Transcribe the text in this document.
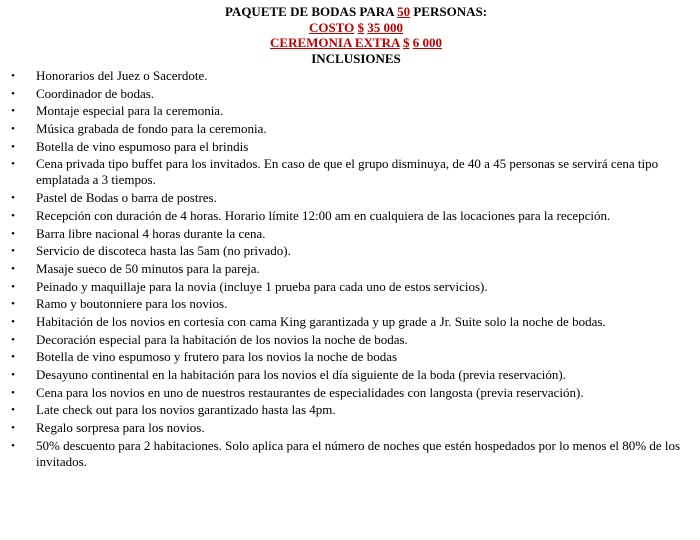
PAQUETE DE BODAS PARA 50 PERSONAS:
COSTO $ 35 000
CEREMONIA EXTRA $ 6 000
INCLUSIONES
• Honorarios del Juez o Sacerdote.
• Coordinador de bodas.
• Montaje especial para la ceremonia.
• Música grabada de fondo para la ceremonia.
• Botella de vino espumoso para el brindis
• Cena privada tipo buffet para los invitados. En caso de que el grupo disminuya, de 40 a 45 personas se servirá cena tipo emplatada a 3 tiempos.
• Pastel de Bodas o barra de postres.
• Recepción con duración de 4 horas. Horario límite 12:00 am en cualquiera de las locaciones para la recepción.
• Barra libre nacional 4 horas durante la cena.
• Servicio de discoteca hasta las 5am (no privado).
• Masaje sueco de 50 minutos para la pareja.
• Peinado y maquillaje para la novia (incluye 1 prueba para cada uno de estos servicios).
• Ramo y boutonniere para los novios.
• Habitación de los novios en cortesía con cama King garantizada y up grade a Jr. Suite solo la noche de bodas.
• Decoración especial para la habitación de los novios la noche de bodas.
• Botella de vino espumoso y frutero para los novios la noche de bodas
• Desayuno continental en la habitación para los novios el día siguiente de la boda (previa reservación).
• Cena para los novios en uno de nuestros restaurantes de especialidades con langosta (previa reservación).
• Late check out para los novios garantizado hasta las 4pm.
• Regalo sorpresa para los novios.
• 50% descuento para 2 habitaciones. Solo aplica para el número de noches que estén hospedados por lo menos el 80% de los invitados.
